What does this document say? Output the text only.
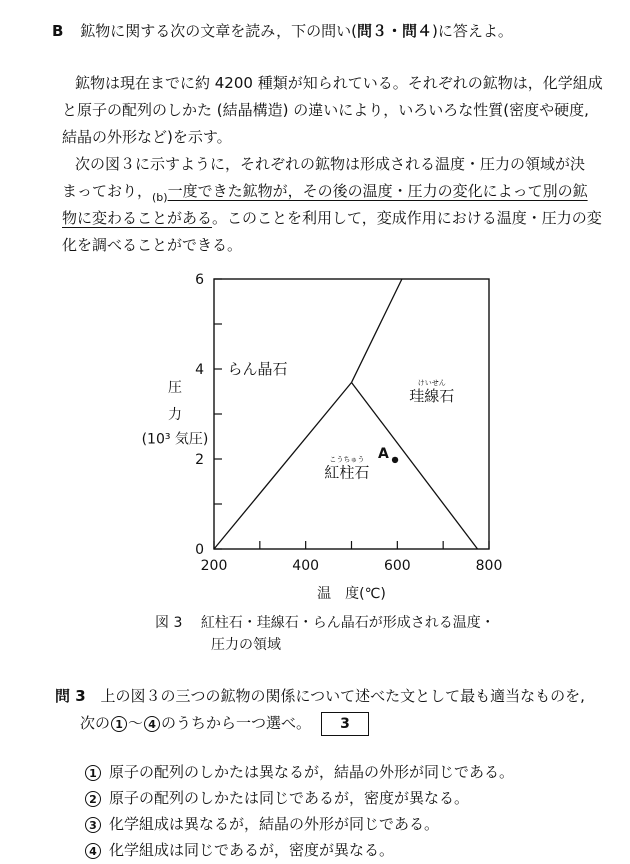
B 鉱物に関する次の文章を読み，下の問い(問３・問４)に答えよ。
鉱物は現在までに約 4200 種類が知られている。それぞれの鉱物は，化学組成
と原子の配列のしかた (結晶構造) の違いにより，いろいろな性質(密度や硬度,
結晶の外形など)を示す。
次の図３に示すように，それぞれの鉱物は形成される温度・圧力の領域が決
まっており，$^{(b)}$一度できた鉱物が，その後の温度・圧力の変化によって別の鉱
物に変わることがある。このことを利用して，変成作用における温度・圧力の変
化を調べることができる。
200	400	600	800
0
2
4
6
らん晶石
珪線石
けいせん
紅柱石
こうちゅう A
温　度(℃)
圧
力
(10³ 気圧)
図 3 紅柱石・珪線石・らん晶石が形成される温度・
圧力の領域
問 3 上の図３の三つの鉱物の関係について述べた文として最も適当なものを,
次の 1 ～ 4 のうちから一つ選べ。 3
1 原子の配列のしかたは異なるが，結晶の外形が同じである。
2 原子の配列のしかたは同じであるが，密度が異なる。
3 化学組成は異なるが，結晶の外形が同じである。
4 化学組成は同じであるが，密度が異なる。
